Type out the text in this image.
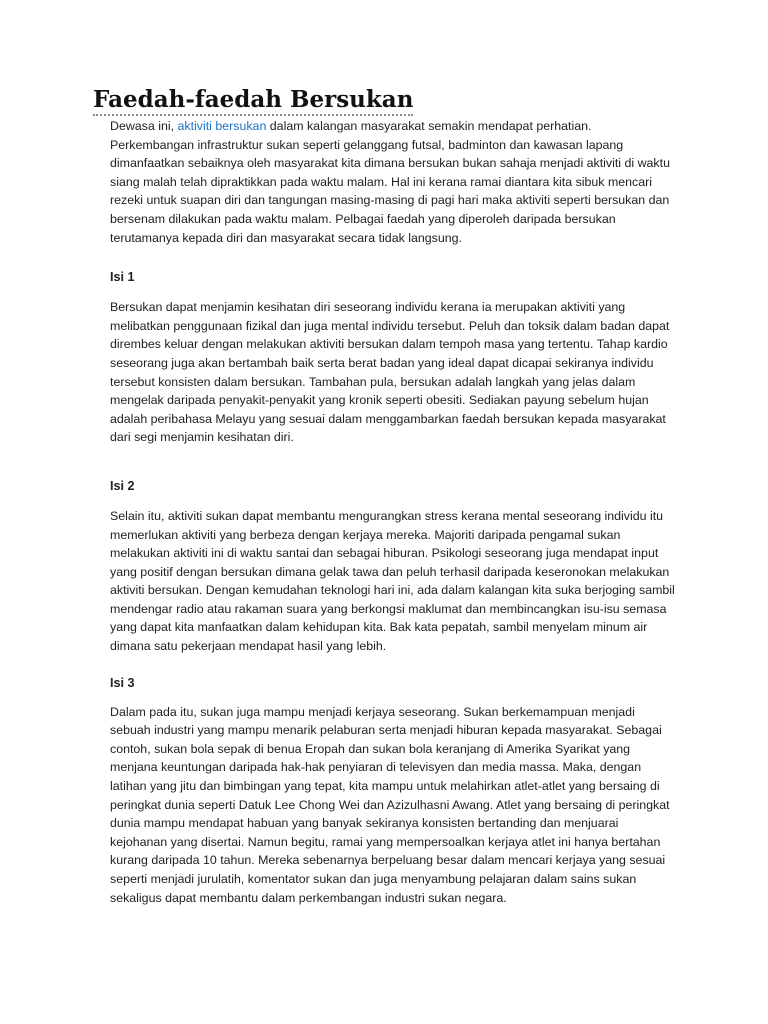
Faedah-faedah Bersukan

Dewasa ini, aktiviti bersukan dalam kalangan masyarakat semakin mendapat perhatian.
Perkembangan infrastruktur sukan seperti gelanggang futsal, badminton dan kawasan lapang
dimanfaatkan sebaiknya oleh masyarakat kita dimana bersukan bukan sahaja menjadi aktiviti di waktu
siang malah telah dipraktikkan pada waktu malam. Hal ini kerana ramai diantara kita sibuk mencari
rezeki untuk suapan diri dan tangungan masing-masing di pagi hari maka aktiviti seperti bersukan dan
bersenam dilakukan pada waktu malam. Pelbagai faedah yang diperoleh daripada bersukan
terutamanya kepada diri dan masyarakat secara tidak langsung.

Isi 1

Bersukan dapat menjamin kesihatan diri seseorang individu kerana ia merupakan aktiviti yang
melibatkan penggunaan fizikal dan juga mental individu tersebut. Peluh dan toksik dalam badan dapat
dirembes keluar dengan melakukan aktiviti bersukan dalam tempoh masa yang tertentu. Tahap kardio
seseorang juga akan bertambah baik serta berat badan yang ideal dapat dicapai sekiranya individu
tersebut konsisten dalam bersukan. Tambahan pula, bersukan adalah langkah yang jelas dalam
mengelak daripada penyakit-penyakit yang kronik seperti obesiti. Sediakan payung sebelum hujan
adalah peribahasa Melayu yang sesuai dalam menggambarkan faedah bersukan kepada masyarakat
dari segi menjamin kesihatan diri.

Isi 2

Selain itu, aktiviti sukan dapat membantu mengurangkan stress kerana mental seseorang individu itu
memerlukan aktiviti yang berbeza dengan kerjaya mereka. Majoriti daripada pengamal sukan
melakukan aktiviti ini di waktu santai dan sebagai hiburan. Psikologi seseorang juga mendapat input
yang positif dengan bersukan dimana gelak tawa dan peluh terhasil daripada keseronokan melakukan
aktiviti bersukan. Dengan kemudahan teknologi hari ini, ada dalam kalangan kita suka berjoging sambil
mendengar radio atau rakaman suara yang berkongsi maklumat dan membincangkan isu-isu semasa
yang dapat kita manfaatkan dalam kehidupan kita. Bak kata pepatah, sambil menyelam minum air
dimana satu pekerjaan mendapat hasil yang lebih.

Isi 3

Dalam pada itu, sukan juga mampu menjadi kerjaya seseorang. Sukan berkemampuan menjadi
sebuah industri yang mampu menarik pelaburan serta menjadi hiburan kepada masyarakat. Sebagai
contoh, sukan bola sepak di benua Eropah dan sukan bola keranjang di Amerika Syarikat yang
menjana keuntungan daripada hak-hak penyiaran di televisyen dan media massa. Maka, dengan
latihan yang jitu dan bimbingan yang tepat, kita mampu untuk melahirkan atlet-atlet yang bersaing di
peringkat dunia seperti Datuk Lee Chong Wei dan Azizulhasni Awang. Atlet yang bersaing di peringkat
dunia mampu mendapat habuan yang banyak sekiranya konsisten bertanding dan menjuarai
kejohanan yang disertai. Namun begitu, ramai yang mempersoalkan kerjaya atlet ini hanya bertahan
kurang daripada 10 tahun. Mereka sebenarnya berpeluang besar dalam mencari kerjaya yang sesuai
seperti menjadi jurulatih, komentator sukan dan juga menyambung pelajaran dalam sains sukan
sekaligus dapat membantu dalam perkembangan industri sukan negara.
